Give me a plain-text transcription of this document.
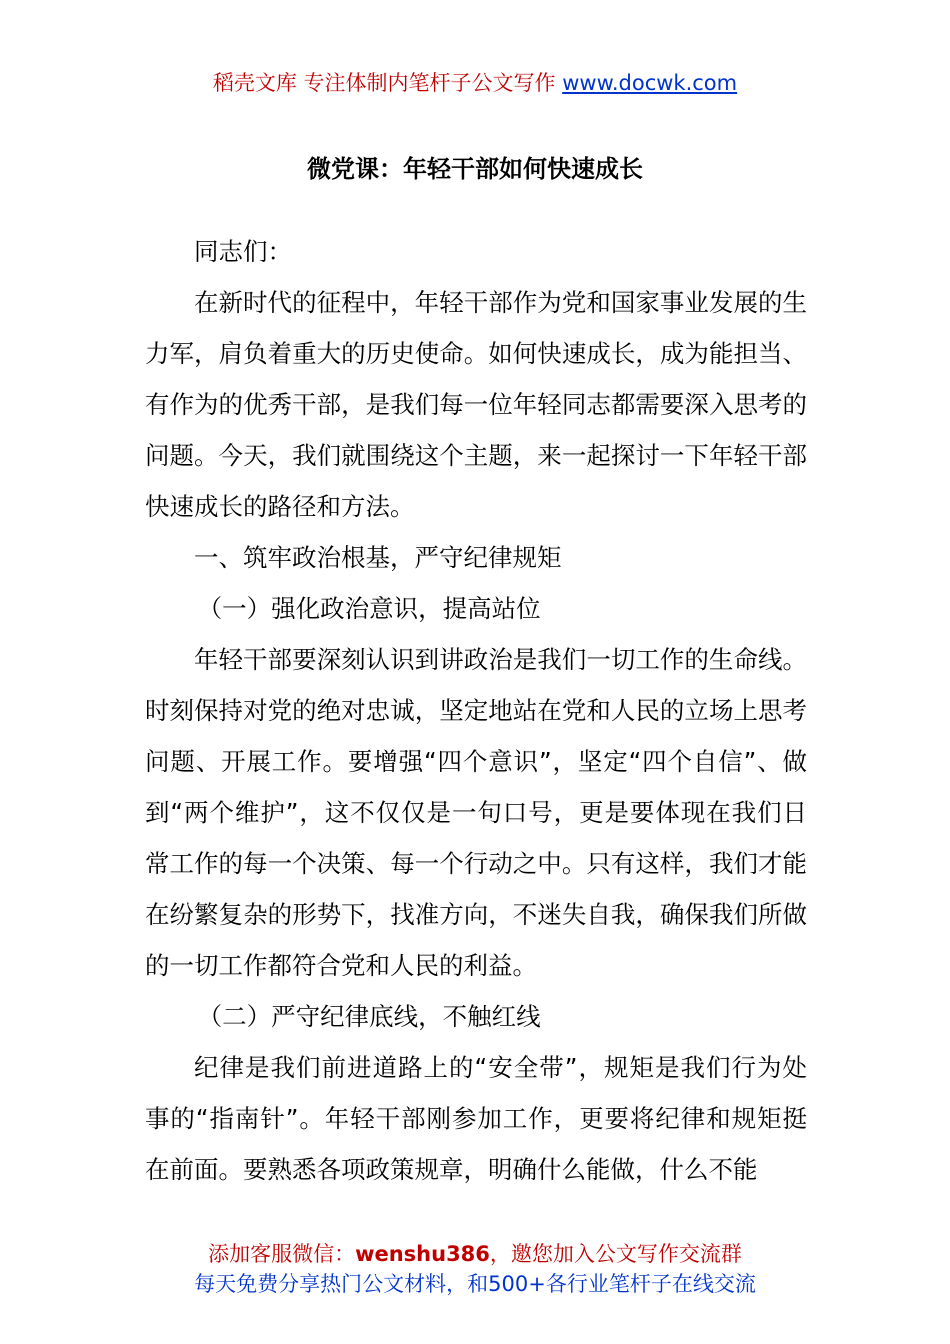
稻壳文库 专注体制内笔杆子公文写作 www.docwk.com
微党课：年轻干部如何快速成长

同志们：

在新时代的征程中，年轻干部作为党和国家事业发展的生力军，肩负着重大的历史使命。如何快速成长，成为能担当、有作为的优秀干部，是我们每一位年轻同志都需要深入思考的问题。今天，我们就围绕这个主题，来一起探讨一下年轻干部快速成长的路径和方法。

一、筑牢政治根基，严守纪律规矩

（一）强化政治意识，提高站位

年轻干部要深刻认识到讲政治是我们一切工作的生命线。时刻保持对党的绝对忠诚，坚定地站在党和人民的立场上思考问题、开展工作。要增强“四个意识”，坚定“四个自信”、做到“两个维护”，这不仅仅是一句口号，更是要体现在我们日常工作的每一个决策、每一个行动之中。只有这样，我们才能在纷繁复杂的形势下，找准方向，不迷失自我，确保我们所做的一切工作都符合党和人民的利益。

（二）严守纪律底线，不触红线

纪律是我们前进道路上的“安全带”，规矩是我们行为处事的“指南针”。年轻干部刚参加工作，更要将纪律和规矩挺在前面。要熟悉各项政策规章，明确什么能做，什么不能

添加客服微信：wenshu386，邀您加入公文写作交流群
每天免费分享热门公文材料，和500+各行业笔杆子在线交流
